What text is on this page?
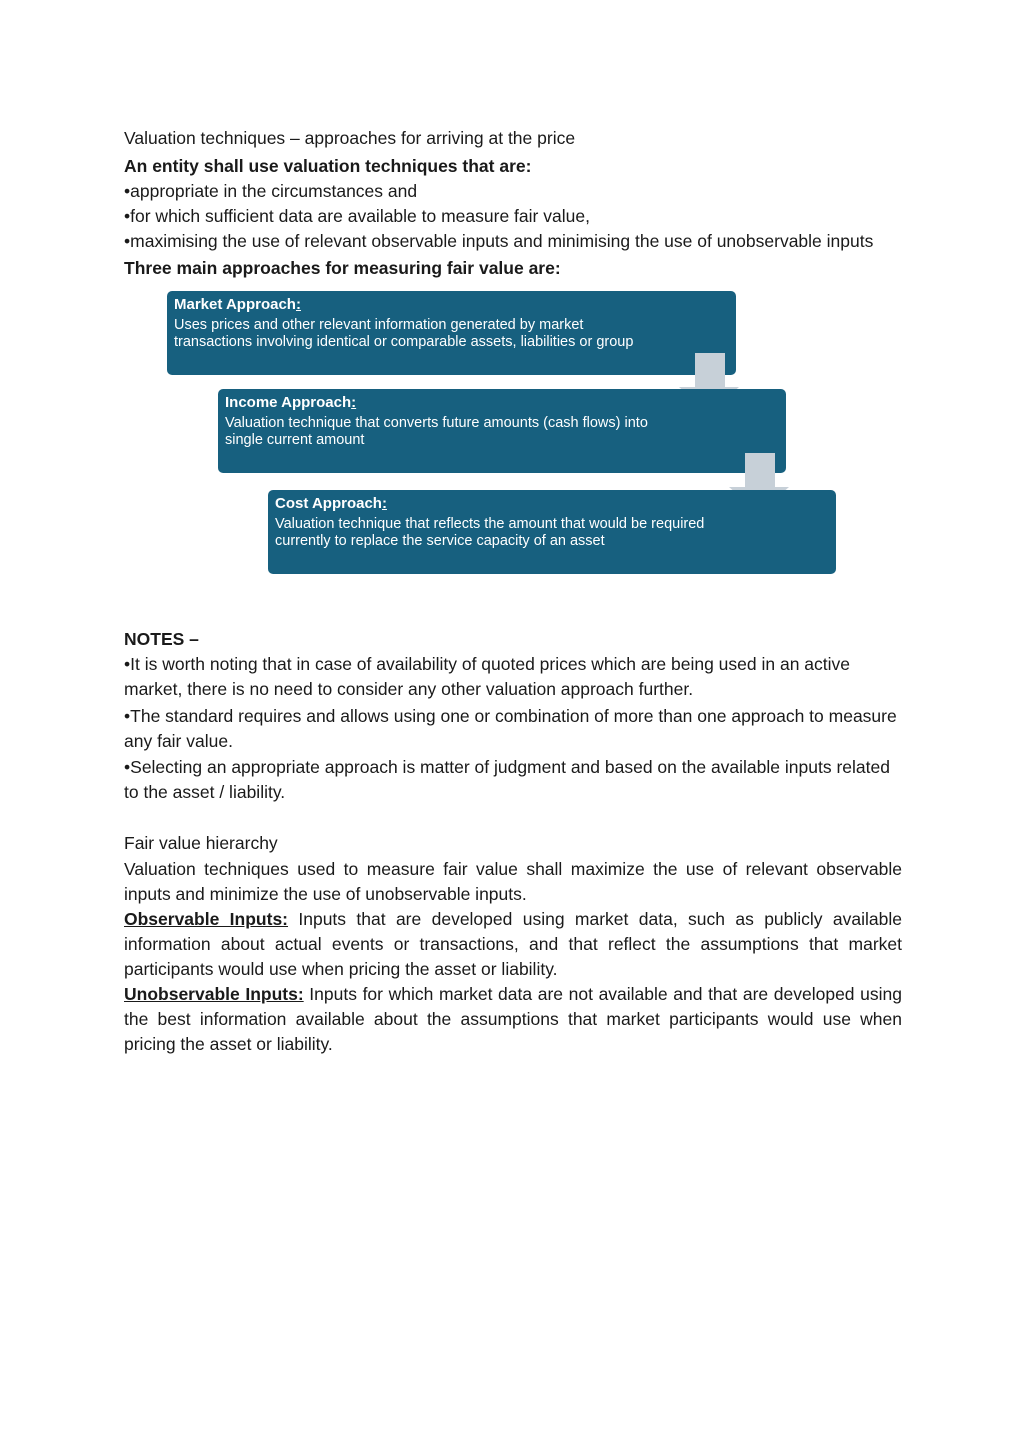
Valuation techniques – approaches for arriving at the price

An entity shall use valuation techniques that are:

• appropriate in the circumstances and

• for which sufficient data are available to measure fair value,

• maximising the use of relevant observable inputs and minimising the use of unobservable inputs

Three main approaches for measuring fair value are:

Market Approach:

Uses prices and other relevant information generated by market transactions involving identical or comparable assets, liabilities or group

Income Approach:

Valuation technique that converts future amounts (cash flows) into single current amount

Cost Approach:

Valuation technique that reflects the amount that would be required currently to replace the service capacity of an asset

NOTES –

• It is worth noting that in case of availability of quoted prices which are being used in an active market, there is no need to consider any other valuation approach further.

• The standard requires and allows using one or combination of more than one approach to measure any fair value.

• Selecting an appropriate approach is matter of judgment and based on the available inputs related to the asset / liability.

Fair value hierarchy

Valuation techniques used to measure fair value shall maximize the use of relevant observable inputs and minimize the use of unobservable inputs.

Observable Inputs: Inputs that are developed using market data, such as publicly available information about actual events or transactions, and that reflect the assumptions that market participants would use when pricing the asset or liability.

Unobservable Inputs: Inputs for which market data are not available and that are developed using the best information available about the assumptions that market participants would use when pricing the asset or liability.
